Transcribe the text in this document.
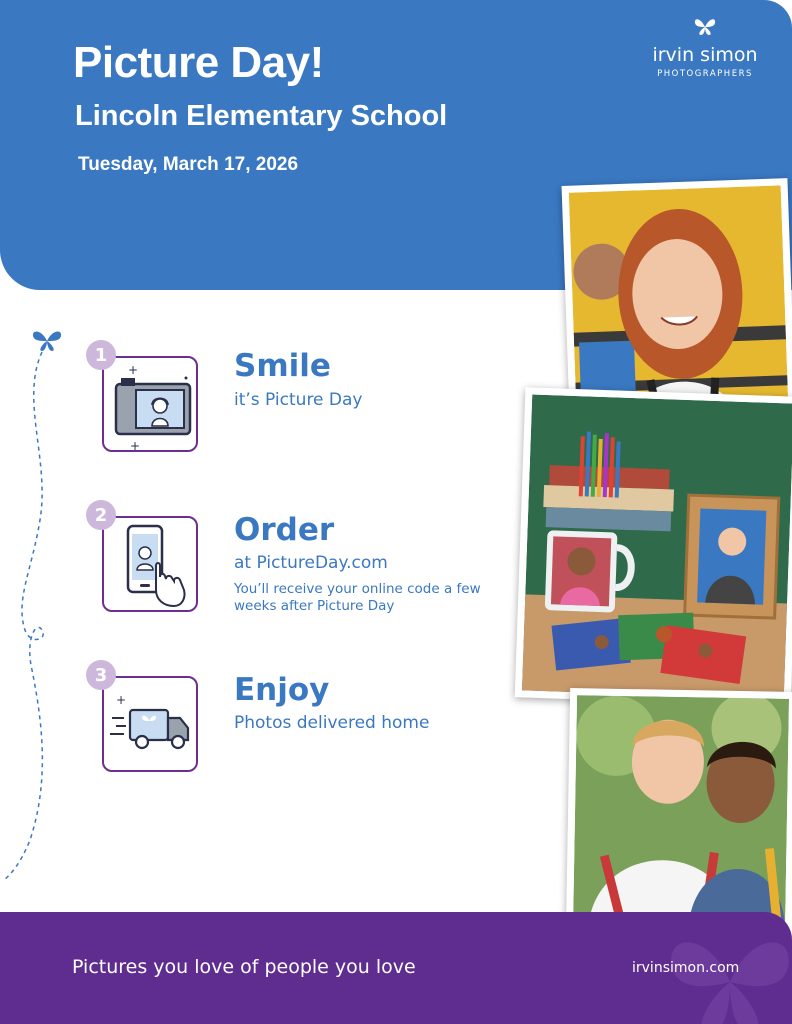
Picture Day!
Lincoln Elementary School
Tuesday, March 17, 2026
irvin simon
PHOTOGRAPHERS
1
+
+
Smile
it’s Picture Day
2	Order
at PictureDay.com
You’ll receive your online code a few weeks after Picture Day
3
+	Enjoy
Photos delivered home
Pictures you love of people you love	irvinsimon.com
